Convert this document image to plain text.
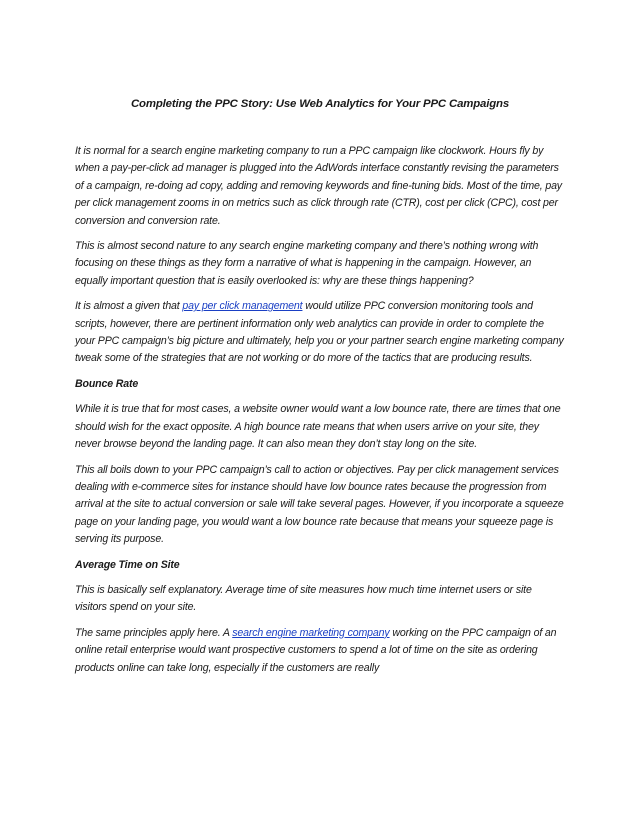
Completing the PPC Story: Use Web Analytics for Your PPC Campaigns

It is normal for a search engine marketing company to run a PPC campaign like clockwork. Hours fly by when a pay-per-click ad manager is plugged into the AdWords interface constantly revising the parameters of a campaign, re-doing ad copy, adding and removing keywords and fine-tuning bids. Most of the time, pay per click management zooms in on metrics such as click through rate (CTR), cost per click (CPC), cost per conversion and conversion rate.

This is almost second nature to any search engine marketing company and there’s nothing wrong with focusing on these things as they form a narrative of what is happening in the campaign. However, an equally important question that is easily overlooked is: why are these things happening?

It is almost a given that pay per click management would utilize PPC conversion monitoring tools and scripts, however, there are pertinent information only web analytics can provide in order to complete the your PPC campaign’s big picture and ultimately, help you or your partner search engine marketing company tweak some of the strategies that are not working or do more of the tactics that are producing results.

Bounce Rate

While it is true that for most cases, a website owner would want a low bounce rate, there are times that one should wish for the exact opposite. A high bounce rate means that when users arrive on your site, they never browse beyond the landing page. It can also mean they don’t stay long on the site.

This all boils down to your PPC campaign’s call to action or objectives. Pay per click management services dealing with e-commerce sites for instance should have low bounce rates because the progression from arrival at the site to actual conversion or sale will take several pages. However, if you incorporate a squeeze page on your landing page, you would want a low bounce rate because that means your squeeze page is serving its purpose.

Average Time on Site

This is basically self explanatory. Average time of site measures how much time internet users or site visitors spend on your site.

The same principles apply here. A search engine marketing company working on the PPC campaign of an online retail enterprise would want prospective customers to spend a lot of time on the site as ordering products online can take long, especially if the customers are really
